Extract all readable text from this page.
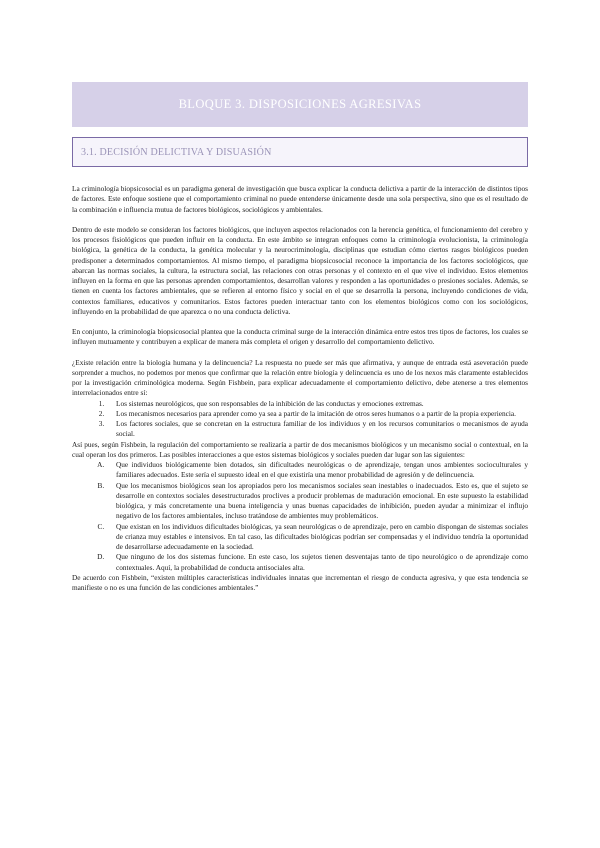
BLOQUE 3. DISPOSICIONES AGRESIVAS
3.1. DECISIÓN DELICTIVA Y DISUASIÓN

La criminología biopsicosocial es un paradigma general de investigación que busca explicar la conducta delictiva a partir de la interacción de distintos tipos de factores. Este enfoque sostiene que el comportamiento criminal no puede entenderse únicamente desde una sola perspectiva, sino que es el resultado de la combinación e influencia mutua de factores biológicos, sociológicos y ambientales.

Dentro de este modelo se consideran los factores biológicos, que incluyen aspectos relacionados con la herencia genética, el funcionamiento del cerebro y los procesos fisiológicos que pueden influir en la conducta. En este ámbito se integran enfoques como la criminología evolucionista, la criminología biológica, la genética de la conducta, la genética molecular y la neurocriminología, disciplinas que estudian cómo ciertos rasgos biológicos pueden predisponer a determinados comportamientos. Al mismo tiempo, el paradigma biopsicosocial reconoce la importancia de los factores sociológicos, que abarcan las normas sociales, la cultura, la estructura social, las relaciones con otras personas y el contexto en el que vive el individuo. Estos elementos influyen en la forma en que las personas aprenden comportamientos, desarrollan valores y responden a las oportunidades o presiones sociales. Además, se tienen en cuenta los factores ambientales, que se refieren al entorno físico y social en el que se desarrolla la persona, incluyendo condiciones de vida, contextos familiares, educativos y comunitarios. Estos factores pueden interactuar tanto con los elementos biológicos como con los sociológicos, influyendo en la probabilidad de que aparezca o no una conducta delictiva.

En conjunto, la criminología biopsicosocial plantea que la conducta criminal surge de la interacción dinámica entre estos tres tipos de factores, los cuales se influyen mutuamente y contribuyen a explicar de manera más completa el origen y desarrollo del comportamiento delictivo.

¿Existe relación entre la biología humana y la delincuencia? La respuesta no puede ser más que afirmativa, y aunque de entrada está aseveración puede sorprender a muchos, no podemos por menos que confirmar que la relación entre biología y delincuencia es uno de los nexos más claramente establecidos por la investigación criminológica moderna. Según Fishbein, para explicar adecuadamente el comportamiento delictivo, debe atenerse a tres elementos interrelacionados entre sí:

1. Los sistemas neurológicos, que son responsables de la inhibición de las conductas y emociones extremas.
2. Los mecanismos necesarios para aprender como ya sea a partir de la imitación de otros seres humanos o a partir de la propia experiencia.
3. Los factores sociales, que se concretan en la estructura familiar de los individuos y en los recursos comunitarios o mecanismos de ayuda social.

Así pues, según Fishbein, la regulación del comportamiento se realizaría a partir de dos mecanismos biológicos y un mecanismo social o contextual, en la cual operan los dos primeros. Las posibles interacciones a que estos sistemas biológicos y sociales pueden dar lugar son las siguientes:

A. Que individuos biológicamente bien dotados, sin dificultades neurológicas o de aprendizaje, tengan unos ambientes socioculturales y familiares adecuados. Este sería el supuesto ideal en el que existiría una menor probabilidad de agresión y de delincuencia.
B. Que los mecanismos biológicos sean los apropiados pero los mecanismos sociales sean inestables o inadecuados. Esto es, que el sujeto se desarrolle en contextos sociales desestructurados proclives a producir problemas de maduración emocional. En este supuesto la estabilidad biológica, y más concretamente una buena inteligencia y unas buenas capacidades de inhibición, pueden ayudar a minimizar el influjo negativo de los factores ambientales, incluso tratándose de ambientes muy problemáticos.
C. Que existan en los individuos dificultades biológicas, ya sean neurológicas o de aprendizaje, pero en cambio dispongan de sistemas sociales de crianza muy estables e intensivos. En tal caso, las dificultades biológicas podrían ser compensadas y el individuo tendría la oportunidad de desarrollarse adecuadamente en la sociedad.
D. Que ninguno de los dos sistemas funcione. En este caso, los sujetos tienen desventajas tanto de tipo neurológico o de aprendizaje como contextuales. Aquí, la probabilidad de conducta antisociales alta.

De acuerdo con Fishbein, “existen múltiples características individuales innatas que incrementan el riesgo de conducta agresiva, y que esta tendencia se manifieste o no es una función de las condiciones ambientales.”
